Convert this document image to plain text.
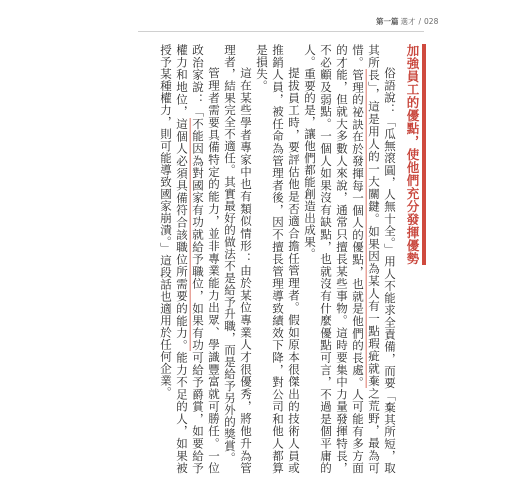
第一篇 選才 / 028
加強員工的優點，使他們充分發揮優勢

俗語說：「瓜無滾圓，人無十全。」用人不能求全責備，而要「棄其所短，取其所長」，這是用人的一大關鍵。如果因為某人有一點瑕疵就棄之荒野，最為可惜。管理的祕訣在於發揮每一個人的優點，也就是他們的長處。人可能有多方面的才能，但就大多數人來說，通常只擅長某些事物。這時要集中力量發揮特長，不必顧及弱點。一個人如果沒有缺點，也就沒有什麼優點可言，不過是個平庸的人。重要的是，讓他們都能創造出成果。

提拔員工時，要評估他是否適合擔任管理者。假如原本很傑出的技術人員或推銷人員，被任命為管理者後，因不擅長管理導致績效下降，對公司和他人都算是損失。

這在某些學者專家中也有類似情形：由於某位專業人才很優秀，將他升為管理者，結果完全不適任。其實最好的做法不是給予升職，而是給予另外的獎賞。

管理者需要具備特定的能力，並非專業能力出眾、學識豐富就可勝任。一位政治家說：「不能因為對國家有功就給予職位，如果有功可給予爵賞，如要給予權力和地位，這個人必須具備符合該職位所需要的能力。能力不足的人，如果被授予某種權力，則可能導致國家崩潰。」這段話也適用於任何企業。
